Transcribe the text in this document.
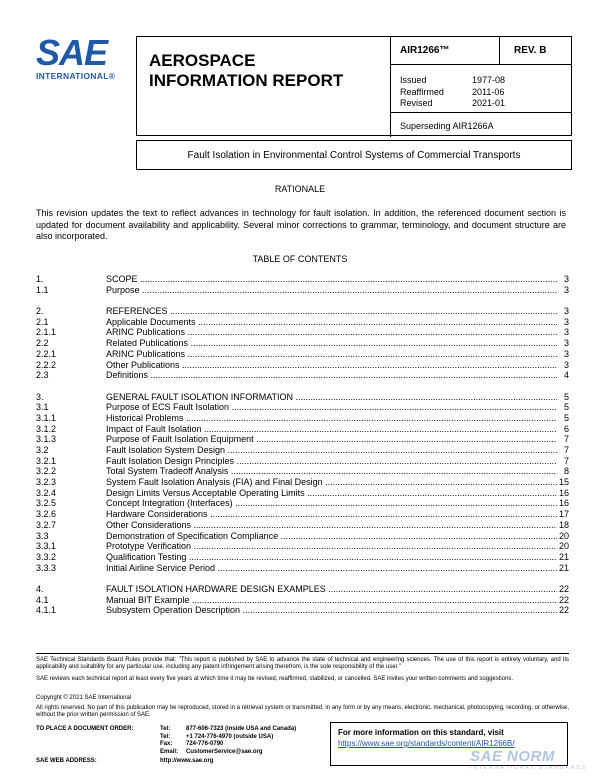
SAE
INTERNATIONAL®
AEROSPACE
INFORMATION REPORT
AIR1266™	REV. B
Issued	1977-08
Reaffirmed	2011-06
Revised	2021-01
Superseding AIR1266A
Fault Isolation in Environmental Control Systems of Commercial Transports
RATIONALE
This revision updates the text to reflect advances in technology for fault isolation. In addition, the referenced document section is updated for document availability and applicability. Several minor corrections to grammar, terminology, and document structure are also incorporated.
TABLE OF CONTENTS
1.	SCOPE .....	3
1.1	Purpose .....	3
2.	REFERENCES .....	3
2.1	Applicable Documents .....	3
2.1.1	ARINC Publications .....	3
2.2	Related Publications .....	3
2.2.1	ARINC Publications .....	3
2.2.2	Other Publications .....	3
2.3	Definitions .....	4
3.	GENERAL FAULT ISOLATION INFORMATION .....	5
3.1	Purpose of ECS Fault Isolation .....	5
3.1.1	Historical Problems .....	5
3.1.2	Impact of Fault Isolation .....	6
3.1.3	Purpose of Fault Isolation Equipment .....	7
3.2	Fault Isolation System Design .....	7
3.2.1	Fault Isolation Design Principles .....	7
3.2.2	Total System Tradeoff Analysis .....	8
3.2.3	System Fault Isolation Analysis (FIA) and Final Design .....	15
3.2.4	Design Limits Versus Acceptable Operating Limits .....	16
3.2.5	Concept Integration (Interfaces) .....	16
3.2.6	Hardware Considerations .....	17
3.2.7	Other Considerations .....	18
3.3	Demonstration of Specification Compliance .....	20
3.3.1	Prototype Verification .....	20
3.3.2	Qualification Testing .....	21
3.3.3	Initial Airline Service Period .....	21
4.	FAULT ISOLATION HARDWARE DESIGN EXAMPLES .....	22
4.1	Manual BIT Example .....	22
4.1.1	Subsystem Operation Description .....	22
SAE Technical Standards Board Rules provide that: "This report is published by SAE to advance the state of technical and engineering sciences. The use of this report is entirely voluntary, and its applicability and suitability for any particular use, including any patent infringement arising therefrom, is the sole responsibility of the user."
SAE reviews each technical report at least every five years at which time it may be revised, reaffirmed, stabilized, or cancelled. SAE invites your written comments and suggestions.
Copyright © 2021 SAE International
All rights reserved. No part of this publication may be reproduced, stored in a retrieval system or transmitted, in any form or by any means, electronic, mechanical, photocopying, recording, or otherwise, without the prior written permission of SAE.
TO PLACE A DOCUMENT ORDER:	Tel:	877-606-7323 (inside USA and Canada)
Tel:	+1 724-776-4970 (outside USA)
Fax:	724-776-0790
Email:	CustomerService@sae.org
SAE WEB ADDRESS:	http://www.sae.org
For more information on this standard, visit
https://www.sae.org/standards/content/AIR1266B/
SAE NORM
INTERNATIONAL STANDARDS
